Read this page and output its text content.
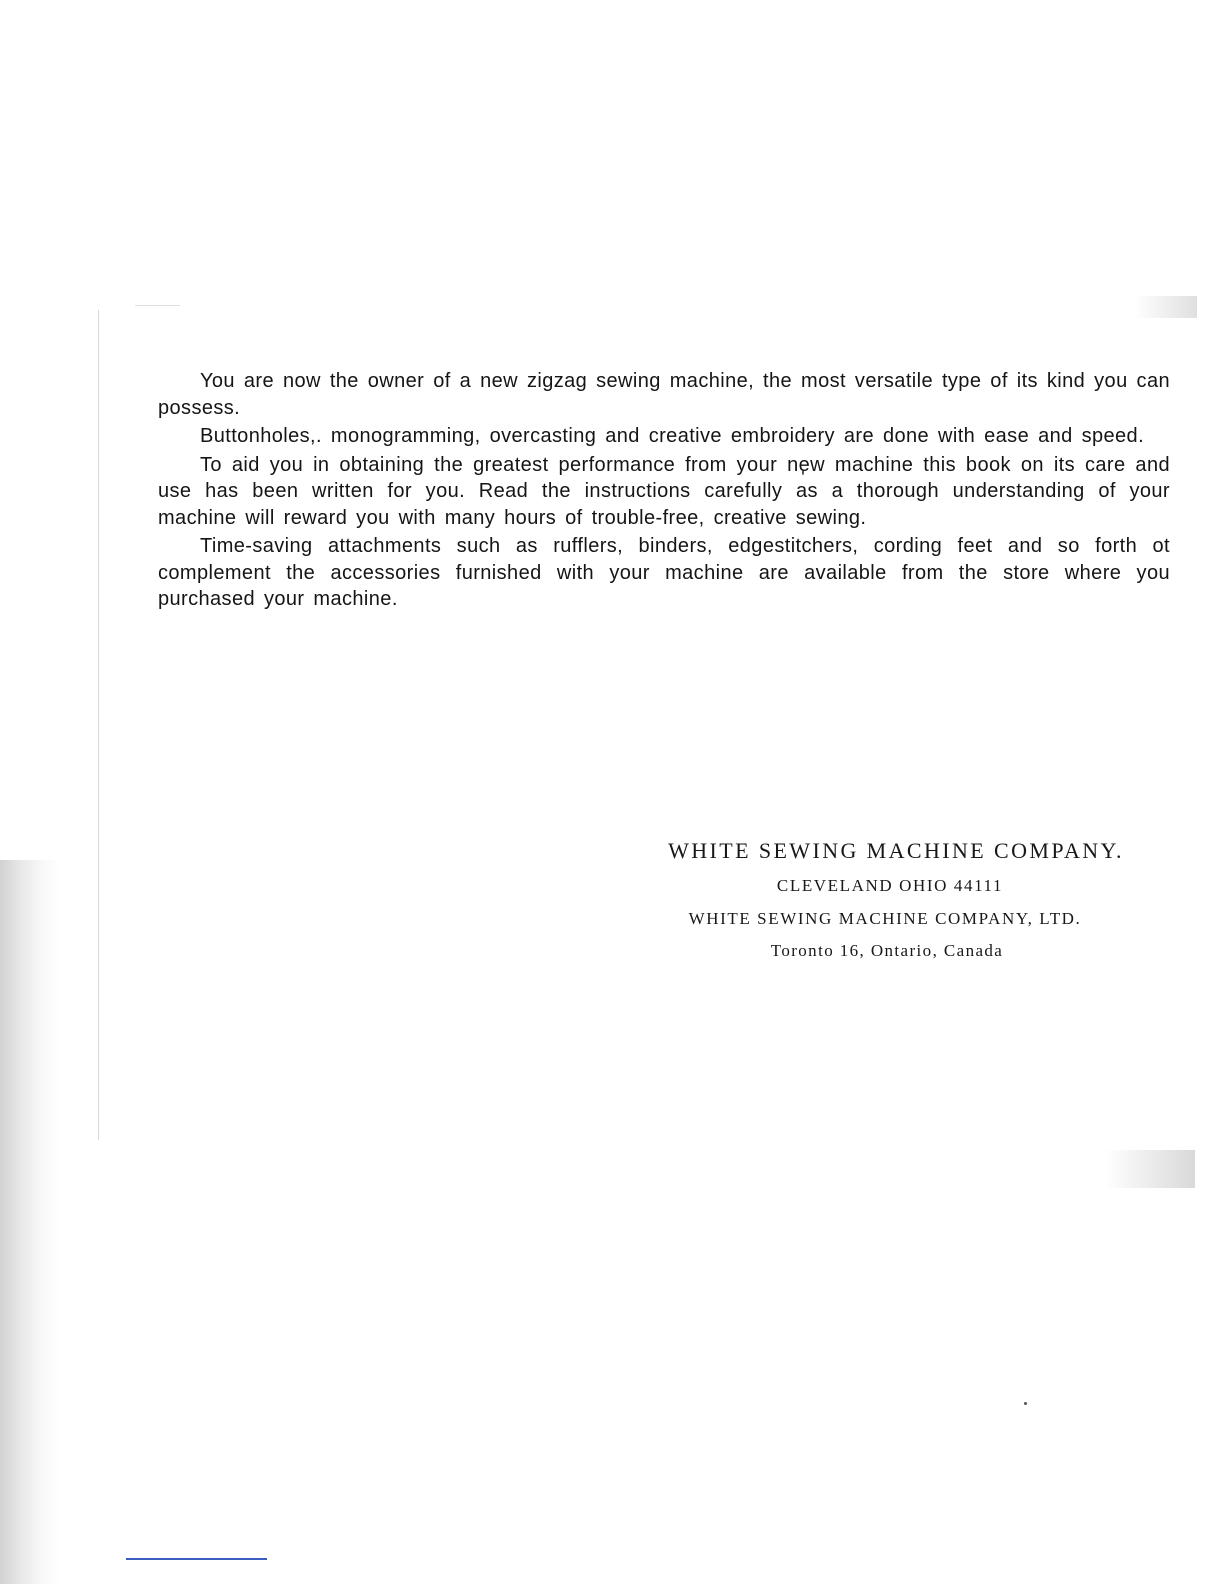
You are now the owner of a new zigzag sewing machine, the most versatile type of its kind you can possess.

Buttonholes,. monogramming, overcasting and creative embroidery are done with ease and speed.

To aid you in obtaining the greatest performance from your new machine this book on its care and use has been written for you. Read the instructions carefully as a thorough understanding of your machine will reward you with many hours of trouble-free, creative sewing.

Time-saving attachments such as rufflers, binders, edgestitchers, cording feet and so forth ot complement the accessories furnished with your machine are available from the store where you purchased your machine.

WHITE SEWING MACHINE COMPANY.
CLEVELAND OHIO 44111
WHITE SEWING MACHINE COMPANY, LTD.
Toronto 16, Ontario, Canada
